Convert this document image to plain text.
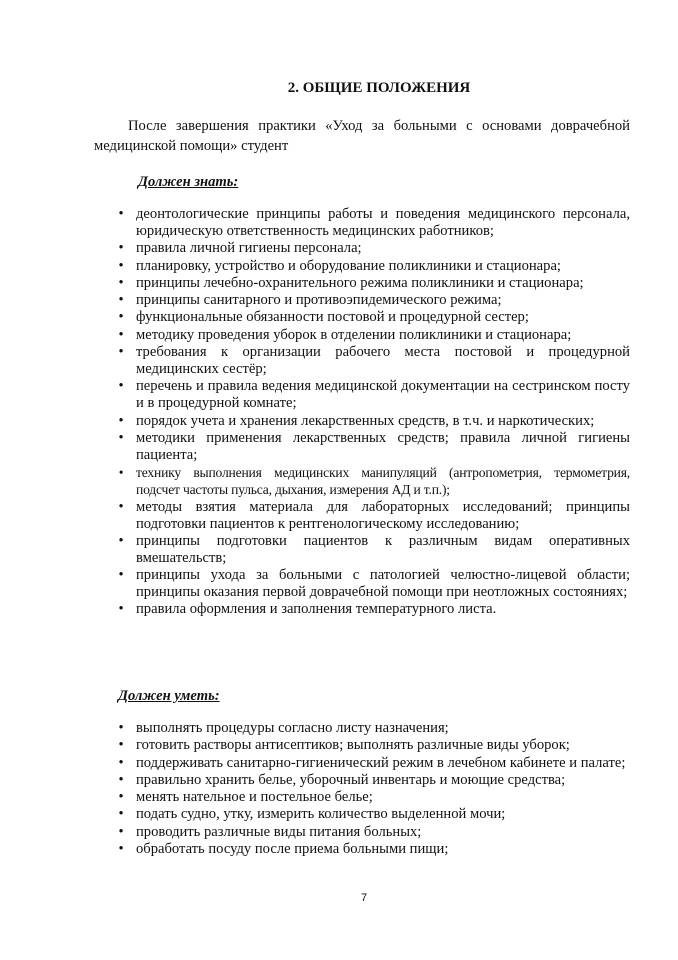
2. ОБЩИЕ ПОЛОЖЕНИЯ
После завершения практики «Уход за больными с основами доврачебной медицинской помощи» студент
Должен знать:
• деонтологические принципы работы и поведения медицинского персонала, юридическую ответственность медицинских работников;
• правила личной гигиены персонала;
• планировку, устройство и оборудование поликлиники и стационара;
• принципы лечебно-охранительного режима поликлиники и стационара;
• принципы санитарного и противоэпидемического режима;
• функциональные обязанности постовой и процедурной сестер;
• методику проведения уборок в отделении поликлиники и стационара;
• требования к организации рабочего места постовой и процедурной медицинских сестёр;
• перечень и правила ведения медицинской документации на сестринском посту и в процедурной комнате;
• порядок учета и хранения лекарственных средств, в т.ч. и наркотических;
• методики применения лекарственных средств; правила личной гигиены пациента;
• технику выполнения медицинских манипуляций (антропометрия, термометрия, подсчет частоты пульса, дыхания, измерения АД и т.п.);
• методы взятия материала для лабораторных исследований; принципы подготовки пациентов к рентгенологическому исследованию;
• принципы подготовки пациентов к различным видам оперативных вмешательств;
• принципы ухода за больными с патологией челюстно-лицевой области; принципы оказания первой доврачебной помощи при неотложных состояниях;
• правила оформления и заполнения температурного листа.
Должен уметь:
• выполнять процедуры согласно листу назначения;
• готовить растворы антисептиков; выполнять различные виды уборок;
• поддерживать санитарно-гигиенический режим в лечебном кабинете и палате;
• правильно хранить белье, уборочный инвентарь и моющие средства;
• менять нательное и постельное белье;
• подать судно, утку, измерить количество выделенной мочи;
• проводить различные виды питания больных;
• обработать посуду после приема больными пищи;
7
